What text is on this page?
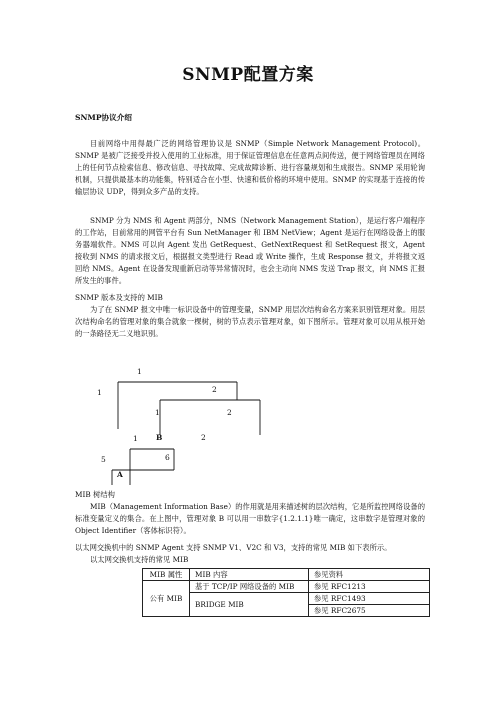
SNMP配置方案
SNMP协议介绍

目前网络中用得最广泛的网络管理协议是 SNMP（Simple Network Management Protocol)。SNMP 是被广泛接受并投入使用的工业标准，用于保证管理信息在任意两点间传送，便于网络管理员在网络上的任何节点检索信息、修改信息、寻找故障、完成故障诊断、进行容量规划和生成报告。SNMP 采用轮询机制，只提供最基本的功能集，特别适合在小型、快速和低价格的环境中使用。SNMP 的实现基于连接的传输层协议 UDP，得到众多产品的支持。

SNMP 分为 NMS 和 Agent 两部分，NMS（Network Management Station），是运行客户端程序的工作站，目前常用的网管平台有 Sun NetManager 和 IBM NetView；Agent 是运行在网络设备上的服务器端软件。NMS 可以向 Agent 发出 GetRequest、GetNextRequest 和 SetRequest 报文，Agent 接收到 NMS 的请求报文后，根据报文类型进行 Read 或 Write 操作，生成 Response 报文，并将报文返回给 NMS。Agent 在设备发现重新启动等异常情况时，也会主动向 NMS 发送 Trap 报文，向 NMS 汇报所发生的事件。

SNMP 版本及支持的 MIB

为了在 SNMP 报文中唯一标识设备中的管理变量，SNMP 用层次结构命名方案来识别管理对象。用层次结构命名的管理对象的集合就象一棵树，树的节点表示管理对象，如下图所示。管理对象可以用从根开始的一条路径无二义地识别。

1
1	2
1	2
1 B	2
5	6
A
MIB 树结构

MIB（Management Information Base）的作用就是用来描述树的层次结构，它是所监控网络设备的标准变量定义的集合。在上图中，管理对象 B 可以用一串数字{1.2.1.1}唯一确定，这串数字是管理对象的 Object Identifier（客体标识符）。

以太网交换机中的 SNMP Agent 支持 SNMP V1、V2C 和 V3，支持的常见 MIB 如下表所示。
以太网交换机支持的常见 MIB
MIB 属性	MIB 内容	参见资料
公有 MIB	基于 TCP/IP 网络设备的 MIB	参见 RFC1213
	BRIDGE MIB	参见 RFC1493
		参见 RFC2675
